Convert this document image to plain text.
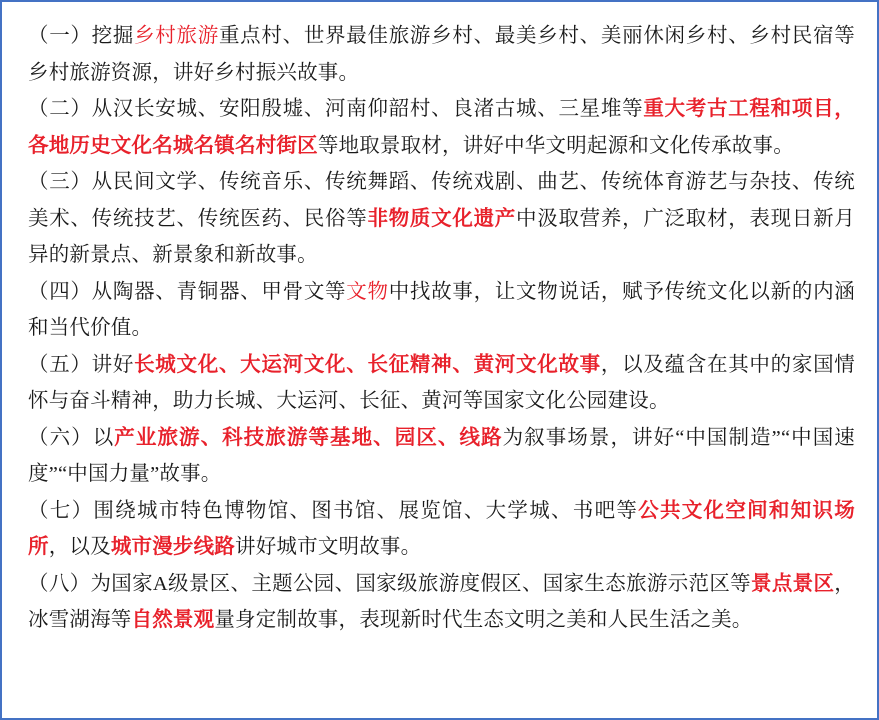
（一）挖掘乡村旅游重点村、世界最佳旅游乡村、最美乡村、美丽休闲乡村、乡村民宿等乡村旅游资源，讲好乡村振兴故事。

（二）从汉长安城、安阳殷墟、河南仰韶村、良渚古城、三星堆等重大考古工程和项目，各地历史文化名城名镇名村街区等地取景取材，讲好中华文明起源和文化传承故事。

（三）从民间文学、传统音乐、传统舞蹈、传统戏剧、曲艺、传统体育游艺与杂技、传统美术、传统技艺、传统医药、民俗等非物质文化遗产中汲取营养，广泛取材，表现日新月异的新景点、新景象和新故事。

（四）从陶器、青铜器、甲骨文等文物中找故事，让文物说话，赋予传统文化以新的内涵和当代价值。

（五）讲好长城文化、大运河文化、长征精神、黄河文化故事，以及蕴含在其中的家国情怀与奋斗精神，助力长城、大运河、长征、黄河等国家文化公园建设。

（六）以产业旅游、科技旅游等基地、园区、线路为叙事场景，讲好“中国制造”“中国速度”“中国力量”故事。

（七）围绕城市特色博物馆、图书馆、展览馆、大学城、书吧等公共文化空间和知识场所，以及城市漫步线路讲好城市文明故事。

（八）为国家A级景区、主题公园、国家级旅游度假区、国家生态旅游示范区等景点景区，冰雪湖海等自然景观量身定制故事，表现新时代生态文明之美和人民生活之美。
